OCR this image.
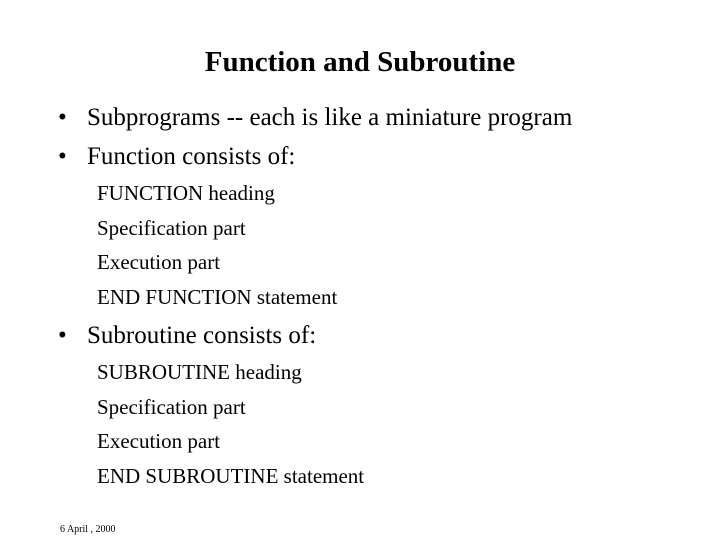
Function and Subroutine
• Subprograms -- each is like a miniature program
• Function consists of:
FUNCTION heading
Specification part
Execution part
END FUNCTION statement
• Subroutine consists of:
SUBROUTINE heading
Specification part
Execution part
END SUBROUTINE statement
6 April , 2000
